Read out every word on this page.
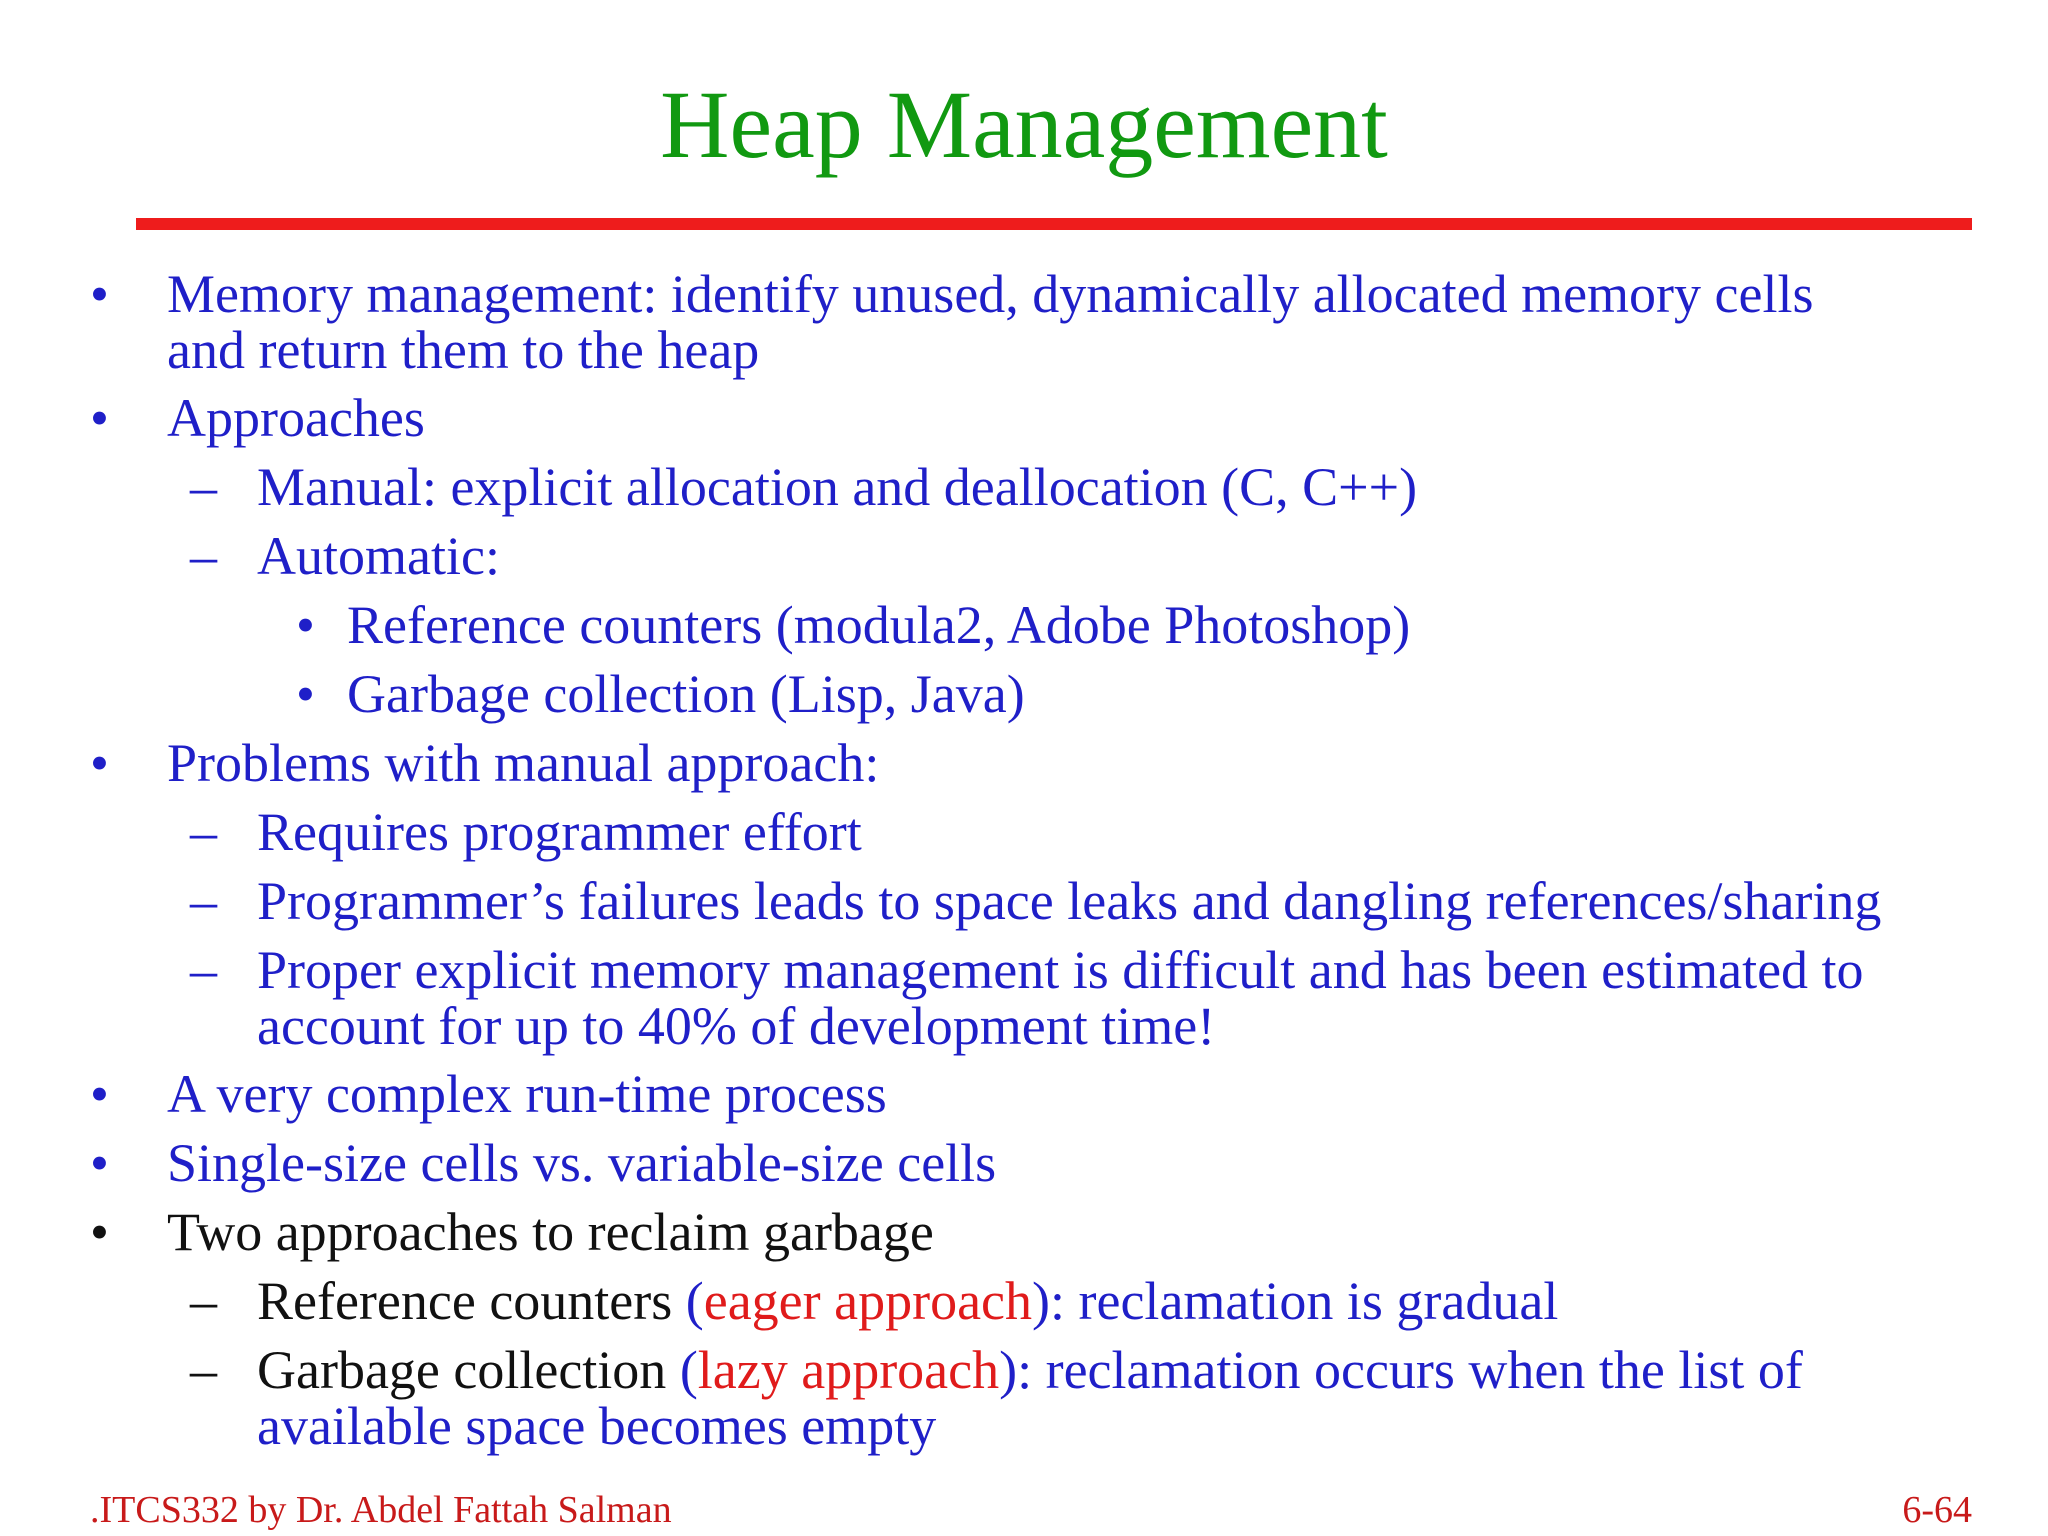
Heap Management
• Memory management: identify unused, dynamically allocated memory cells
and return them to the heap
• Approaches
– Manual: explicit allocation and deallocation (C, C++)
– Automatic:
• Reference counters (modula2, Adobe Photoshop)
• Garbage collection (Lisp, Java)
• Problems with manual approach:
– Requires programmer effort
– Programmer’s failures leads to space leaks and dangling references/sharing
– Proper explicit memory management is difficult and has been estimated to
account for up to 40% of development time!
• A very complex run-time process
• Single-size cells vs. variable-size cells
• Two approaches to reclaim garbage
– Reference counters (eager approach): reclamation is gradual
– Garbage collection (lazy approach): reclamation occurs when the list of
available space becomes empty
.ITCS332 by Dr. Abdel Fattah Salman	6-64
